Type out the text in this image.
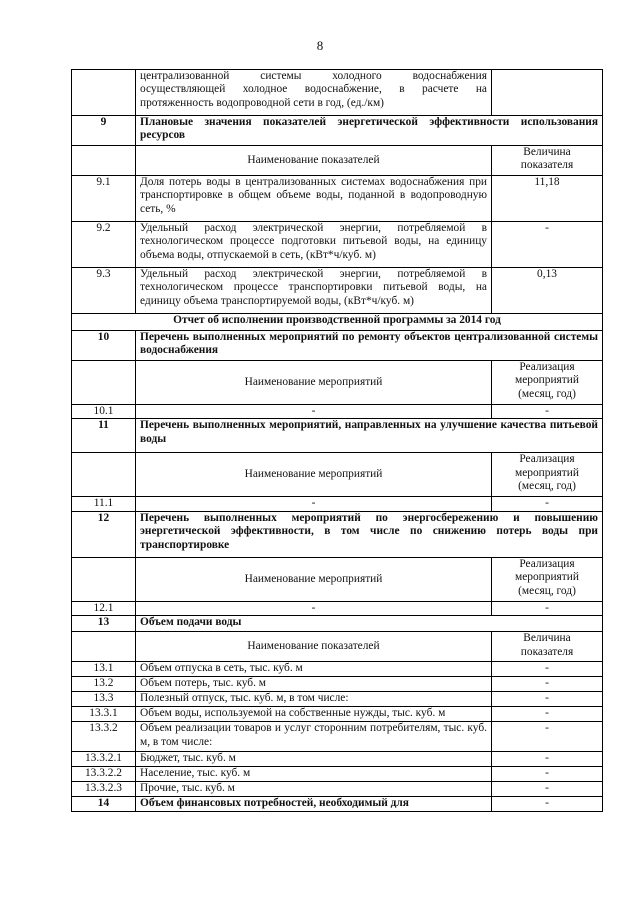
8
	централизованной системы холодного водоснабжения осуществляющей холодное водоснабжение, в расчете на протяженность водопроводной сети в год, (ед./км)	
9	Плановые значения показателей энергетической эффективности использования ресурсов	
	Наименование показателей	Величина показателя
9.1	Доля потерь воды в централизованных системах водоснабжения при транспортировке в общем объеме воды, поданной в водопроводную сеть, %	11,18
9.2	Удельный расход электрической энергии, потребляемой в технологическом процессе подготовки питьевой воды, на единицу объема воды, отпускаемой в сеть, (кВт*ч/куб. м)	-
9.3	Удельный расход электрической энергии, потребляемой в технологическом процессе транспортировки питьевой воды, на единицу объема транспортируемой воды, (кВт*ч/куб. м)	0,13
Отчет об исполнении производственной программы за 2014 год		
10	Перечень выполненных мероприятий по ремонту объектов централизованной системы водоснабжения	
	Наименование мероприятий	Реализация мероприятий (месяц, год)
10.1	-	-
11	Перечень выполненных мероприятий, направленных на улучшение качества питьевой воды	
	Наименование мероприятий	Реализация мероприятий (месяц, год)
11.1	-	-
12	Перечень выполненных мероприятий по энергосбережению и повышению энергетической эффективности, в том числе по снижению потерь воды при транспортировке	
	Наименование мероприятий	Реализация мероприятий (месяц, год)
12.1	-	-
13	Объем подачи воды	
	Наименование показателей	Величина показателя
13.1	Объем отпуска в сеть, тыс. куб. м	-
13.2	Объем потерь, тыс. куб. м	-
13.3	Полезный отпуск, тыс. куб. м, в том числе:	-
13.3.1	Объем воды, используемой на собственные нужды, тыс. куб. м	-
13.3.2	Объем реализации товаров и услуг сторонним потребителям, тыс. куб. м, в том числе:	-
13.3.2.1	Бюджет, тыс. куб. м	-
13.3.2.2	Население, тыс. куб. м	-
13.3.2.3	Прочие, тыс. куб. м	-
14	Объем финансовых потребностей, необходимый для	-
